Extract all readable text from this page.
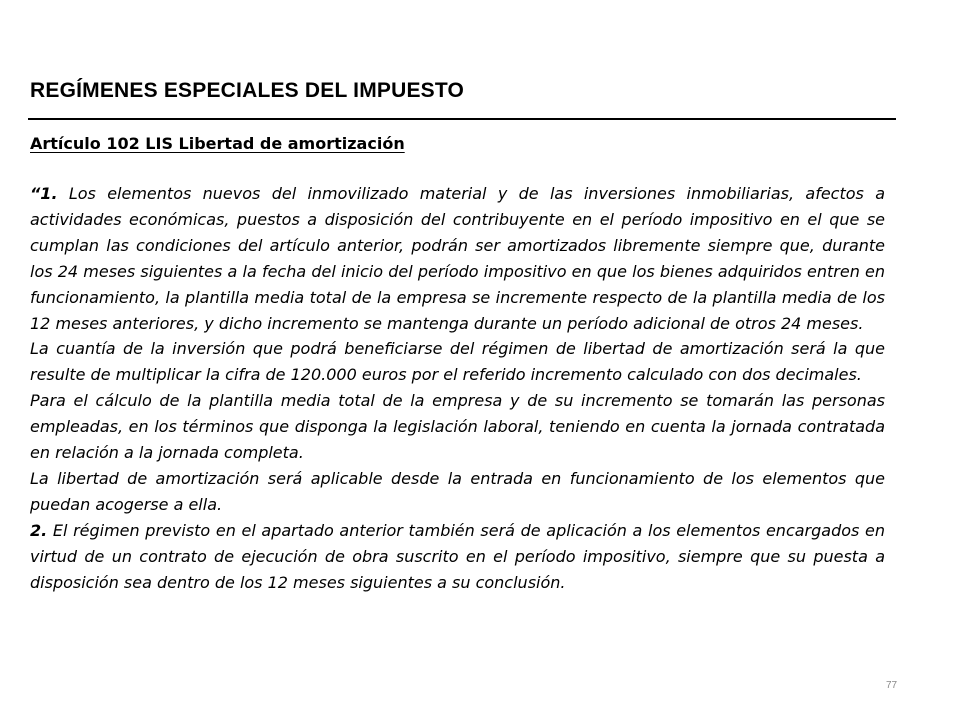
REGÍMENES ESPECIALES DEL IMPUESTO
Artículo 102 LIS Libertad de amortización

“1. Los elementos nuevos del inmovilizado material y de las inversiones inmobiliarias, afectos a actividades económicas, puestos a disposición del contribuyente en el período impositivo en el que se cumplan las condiciones del artículo anterior, podrán ser amortizados libremente siempre que, durante los 24 meses siguientes a la fecha del inicio del período impositivo en que los bienes adquiridos entren en funcionamiento, la plantilla media total de la empresa se incremente respecto de la plantilla media de los 12 meses anteriores, y dicho incremento se mantenga durante un período adicional de otros 24 meses.

La cuantía de la inversión que podrá beneficiarse del régimen de libertad de amortización será la que resulte de multiplicar la cifra de 120.000 euros por el referido incremento calculado con dos decimales.

Para el cálculo de la plantilla media total de la empresa y de su incremento se tomarán las personas empleadas, en los términos que disponga la legislación laboral, teniendo en cuenta la jornada contratada en relación a la jornada completa.

La libertad de amortización será aplicable desde la entrada en funcionamiento de los elementos que puedan acogerse a ella.

2. El régimen previsto en el apartado anterior también será de aplicación a los elementos encargados en virtud de un contrato de ejecución de obra suscrito en el período impositivo, siempre que su puesta a disposición sea dentro de los 12 meses siguientes a su conclusión.

77
